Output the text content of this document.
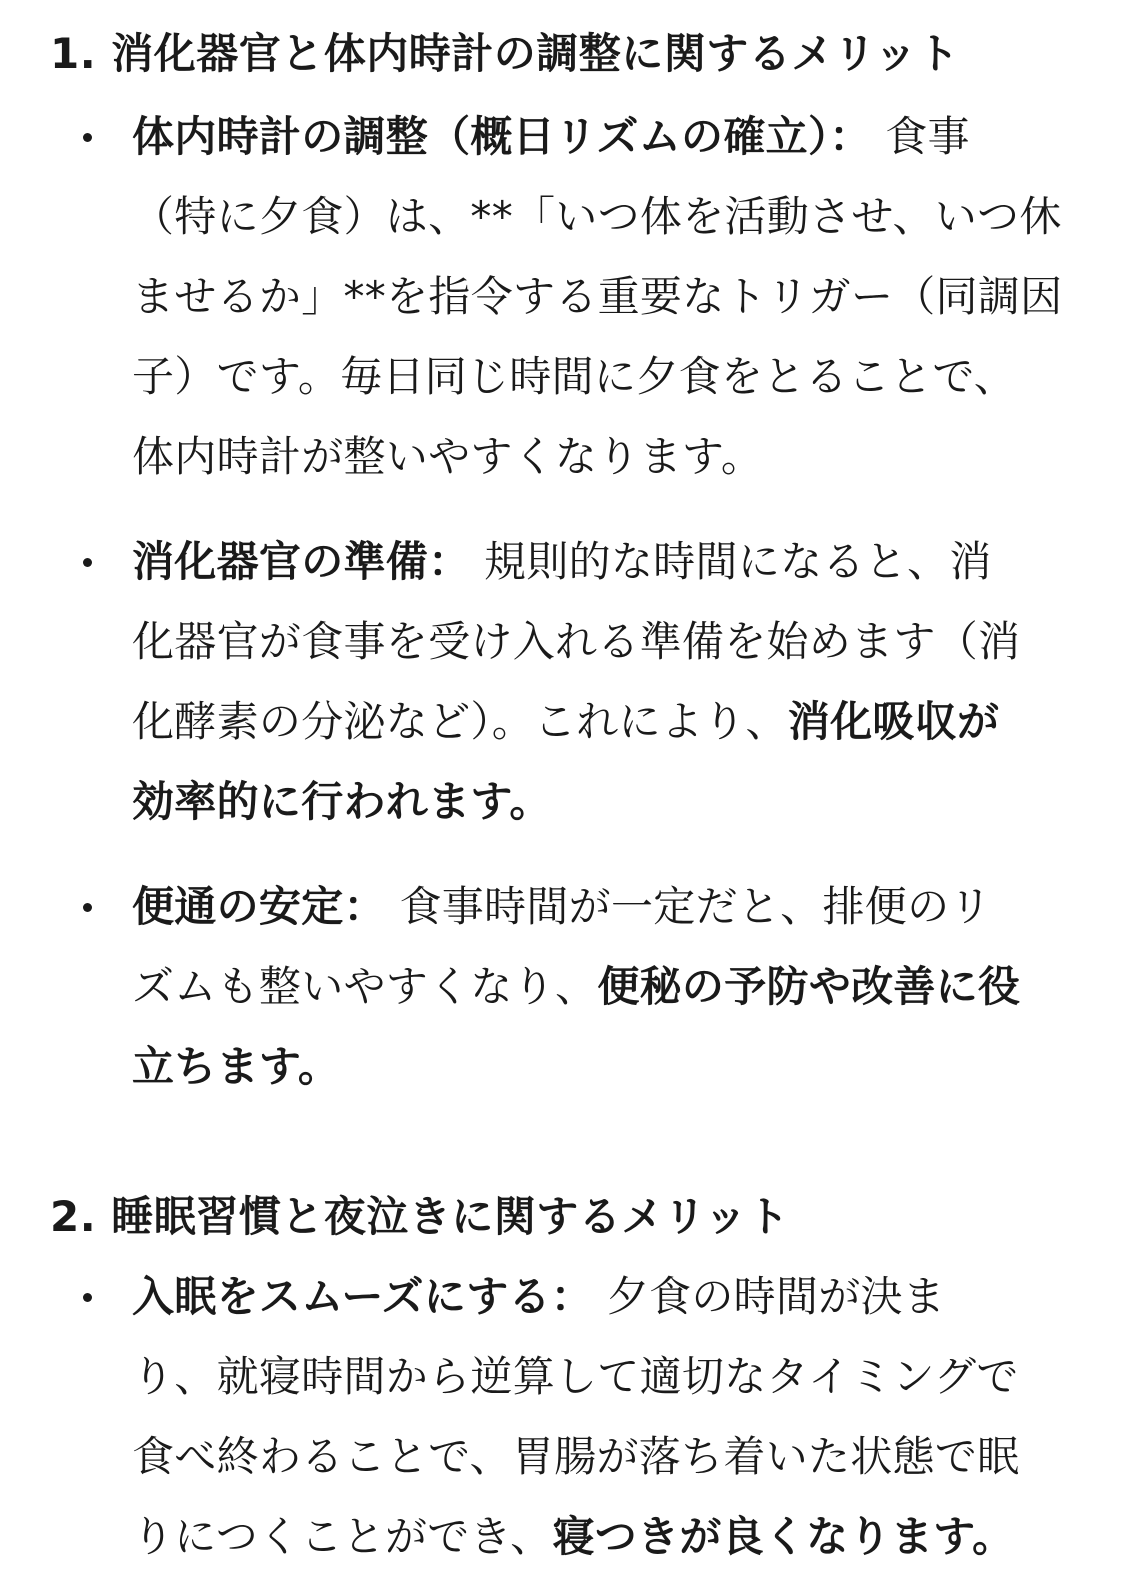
1. 消化器官と体内時計の調整に関するメリット
体内時計の調整（概日リズムの確立）： 食事
（特に夕食）は、**「いつ体を活動させ、いつ休
ませるか」**を指令する重要なトリガー（同調因
子）です。毎日同じ時間に夕食をとることで、
体内時計が整いやすくなります。
消化器官の準備： 規則的な時間になると、消
化器官が食事を受け入れる準備を始めます（消
化酵素の分泌など）。これにより、消化吸収が
効率的に行われます。
便通の安定： 食事時間が一定だと、排便のリ
ズムも整いやすくなり、便秘の予防や改善に役
立ちます。
2. 睡眠習慣と夜泣きに関するメリット
入眠をスムーズにする： 夕食の時間が決ま
り、就寝時間から逆算して適切なタイミングで
食べ終わることで、胃腸が落ち着いた状態で眠
りにつくことができ、寝つきが良くなります。
